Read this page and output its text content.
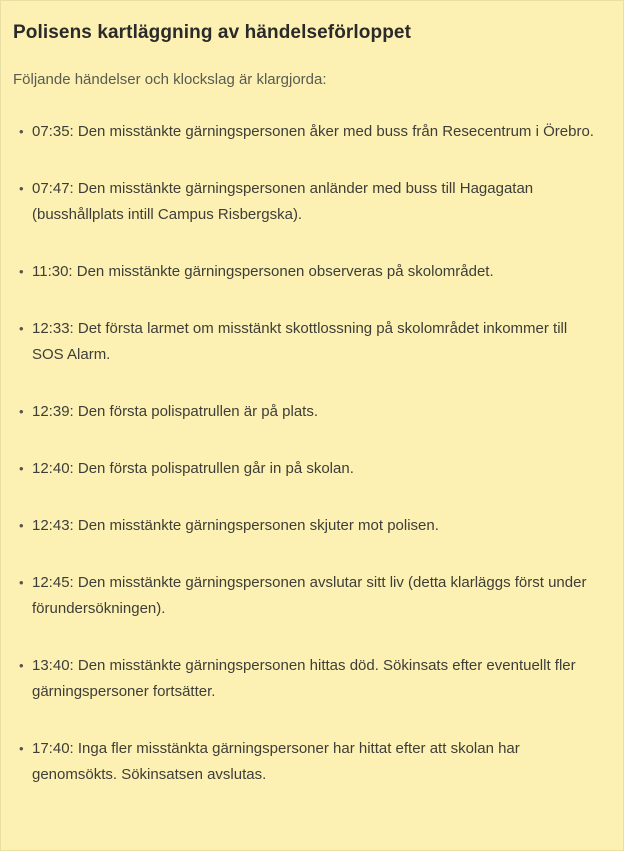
Polisens kartläggning av händelseförloppet

Följande händelser och klockslag är klargjorda:

• 07:35: Den misstänkte gärningspersonen åker med buss från Resecentrum i Örebro.
• 07:47: Den misstänkte gärningspersonen anländer med buss till Hagagatan (busshållplats intill Campus Risbergska).
• 11:30: Den misstänkte gärningspersonen observeras på skolområdet.
• 12:33: Det första larmet om misstänkt skottlossning på skolområdet inkommer till SOS Alarm.
• 12:39: Den första polispatrullen är på plats.
• 12:40: Den första polispatrullen går in på skolan.
• 12:43: Den misstänkte gärningspersonen skjuter mot polisen.
• 12:45: Den misstänkte gärningspersonen avslutar sitt liv (detta klarläggs först under förundersökningen).
• 13:40: Den misstänkte gärningspersonen hittas död. Sökinsats efter eventuellt fler gärningspersoner fortsätter.
• 17:40: Inga fler misstänkta gärningspersoner har hittat efter att skolan har genomsökts. Sökinsatsen avslutas.
